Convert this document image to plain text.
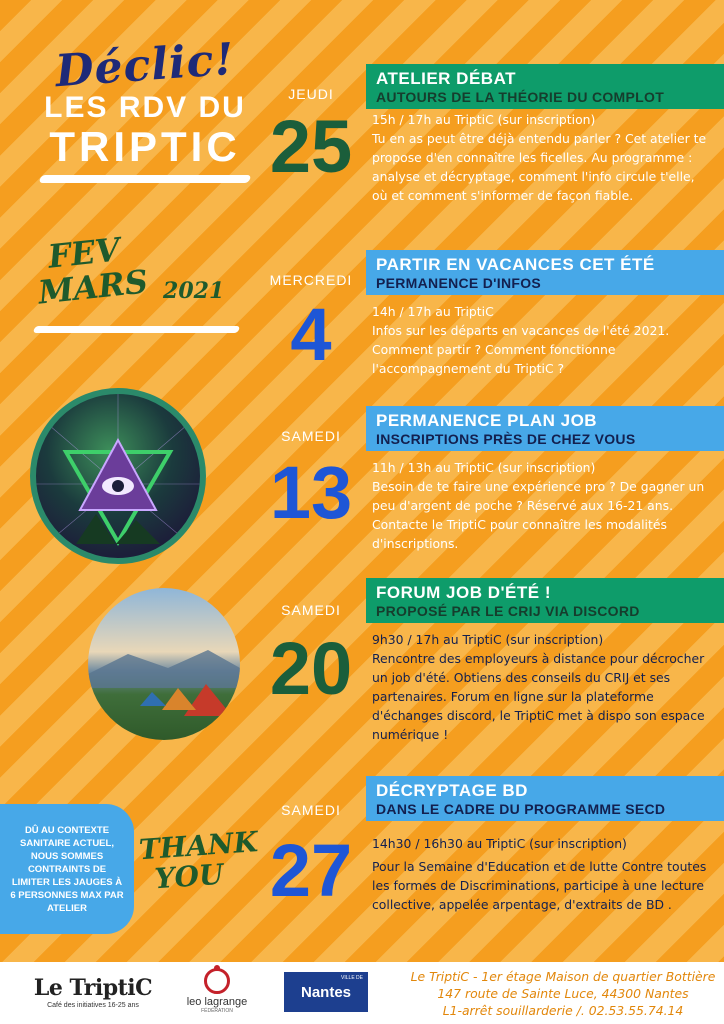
Déclic!
LES RDV DU
TRIPTIC
FEV
MARS 2021
JEUDI
25
ATELIER DÉBAT
AUTOURS DE LA THÉORIE DU COMPLOT
15h / 17h au TriptiC (sur inscription)
Tu en as peut être déjà entendu parler ? Cet atelier te propose d'en connaître les ficelles. Au programme : analyse et décryptage, comment l'info circule t'elle, où et comment s'informer de façon fiable.
MERCREDI
4
PARTIR EN VACANCES CET ÉTÉ
PERMANENCE D'INFOS
14h / 17h au TriptiC
Infos sur les départs en vacances de l'été 2021. Comment partir ? Comment fonctionne l'accompagnement du TriptiC ?
SAMEDI
13
PERMANENCE PLAN JOB
INSCRIPTIONS PRÈS DE CHEZ VOUS
11h / 13h au TriptiC (sur inscription)
Besoin de te faire une expérience pro ? De gagner un peu d'argent de poche ? Réservé aux 16-21 ans. Contacte le TriptiC pour connaître les modalités d'inscriptions.
SAMEDI
20
FORUM JOB D'ÉTÉ !
PROPOSÉ PAR LE CRIJ VIA DISCORD
9h30 / 17h au TriptiC (sur inscription)
Rencontre des employeurs à distance pour décrocher un job d'été. Obtiens des conseils du CRIJ et ses partenaires. Forum en ligne sur la plateforme d'échanges discord, le TriptiC met à dispo son espace numérique !
SAMEDI
27
DÉCRYPTAGE BD
DANS LE CADRE DU PROGRAMME SECD
14h30 / 16h30 au TriptiC (sur inscription)
Pour la Semaine d'Education et de lutte Contre toutes les formes de Discriminations, participe à une lecture collective, appelée arpentage, d'extraits de BD .
DÛ AU CONTEXTE SANITAIRE ACTUEL, NOUS SOMMES CONTRAINTS DE LIMITER LES JAUGES À 6 PERSONNES MAX PAR ATELIER
THANK
YOU
Le TriptiC
Café des initiatives 16-25 ans	leo lagrange
FÉDÉRATION
VILLE DE
Nantes
Le TriptiC - 1er étage Maison de quartier Bottière
147 route de Sainte Luce, 44300 Nantes
L1-arrêt souillarderie /. 02.53.55.74.14
